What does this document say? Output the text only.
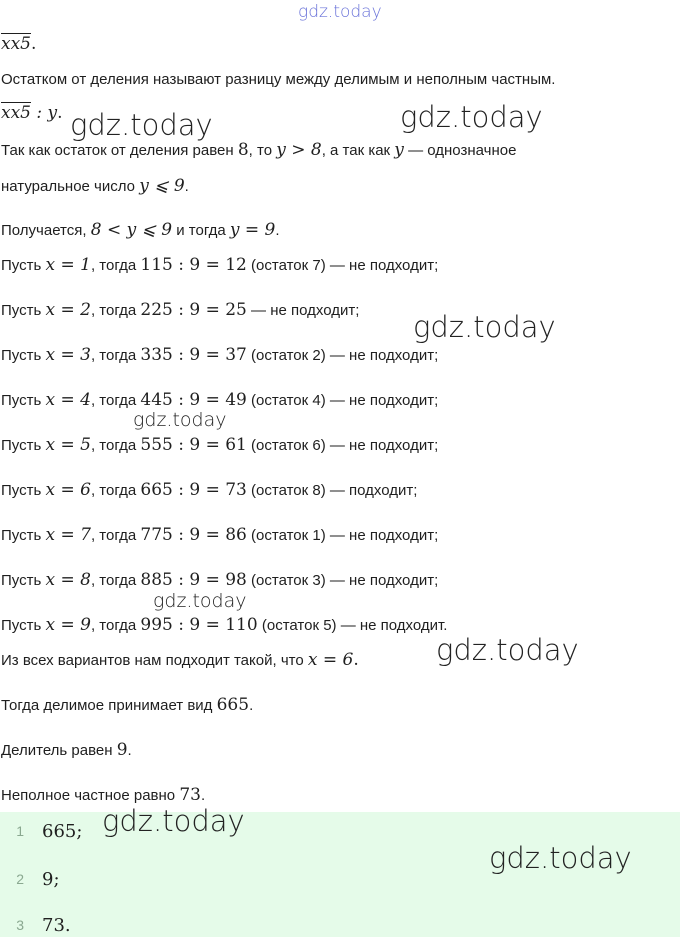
gdz.today
xx5.
Остатком от деления называют разницу между делимым и неполным частным.
xx5 : y.
Так как остаток от деления равен 8, то y > 8, а так как y — однозначное
натуральное число y ⩽ 9.
Получается, 8 < y ⩽ 9 и тогда y = 9.
Пусть x = 1, тогда 115 : 9 = 12 (остаток 7) — не подходит;
Пусть x = 2, тогда 225 : 9 = 25 — не подходит;
Пусть x = 3, тогда 335 : 9 = 37 (остаток 2) — не подходит;
Пусть x = 4, тогда 445 : 9 = 49 (остаток 4) — не подходит;
Пусть x = 5, тогда 555 : 9 = 61 (остаток 6) — не подходит;
Пусть x = 6, тогда 665 : 9 = 73 (остаток 8) — подходит;
Пусть x = 7, тогда 775 : 9 = 86 (остаток 1) — не подходит;
Пусть x = 8, тогда 885 : 9 = 98 (остаток 3) — не подходит;
Пусть x = 9, тогда 995 : 9 = 110 (остаток 5) — не подходит.
Из всех вариантов нам подходит такой, что x = 6.
Тогда делимое принимает вид 665.
Делитель равен 9.
Неполное частное равно 73.
1 665;
2 9;
3 73.
gdz.today	gdz.today
gdz.today
gdz.today
gdz.today
gdz.today
gdz.today
gdz.today
